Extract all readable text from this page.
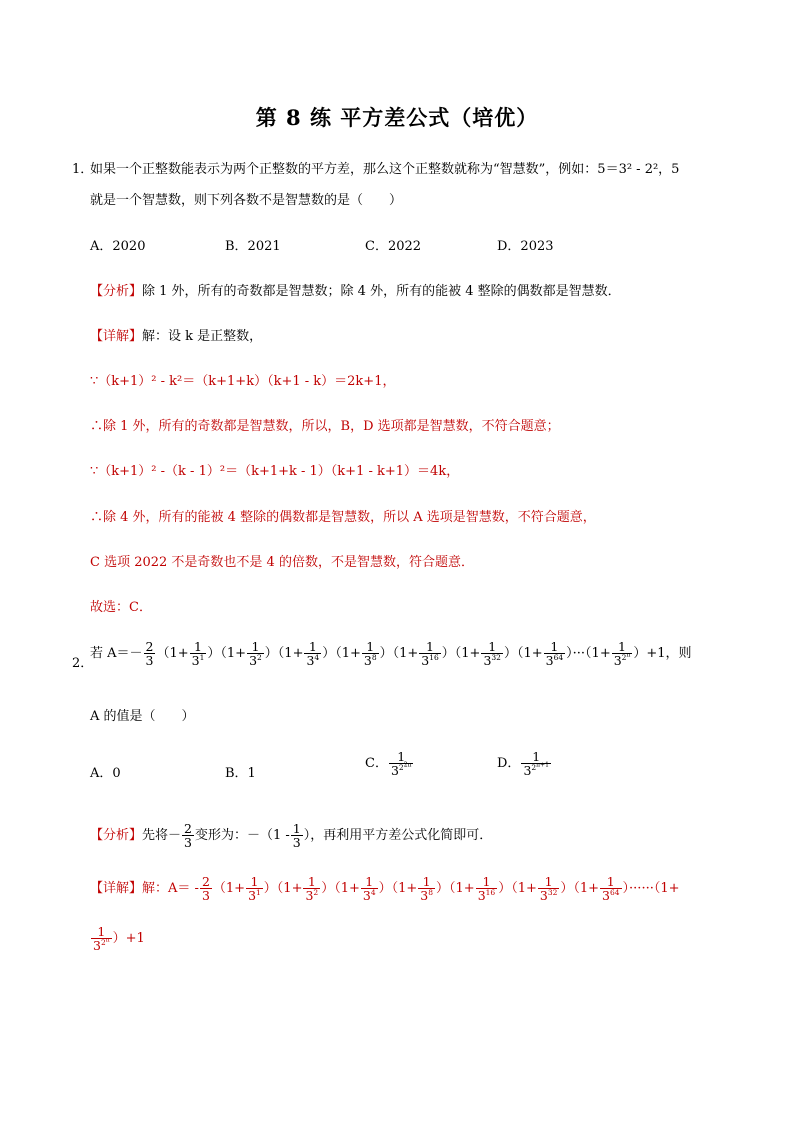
第 8 练 平方差公式（培优）
1．
如果一个正整数能表示为两个正整数的平方差，那么这个正整数就称为“智慧数”，例如：5＝3² - 2²，5
就是一个智慧数，则下列各数不是智慧数的是（　　）
A．2020	B．2021	C．2022	D．2023
【分析】除 1 外，所有的奇数都是智慧数；除 4 外，所有的能被 4 整除的偶数都是智慧数．
【详解】解：设 k 是正整数，
∵（k+1）² - k²＝（k+1+k）（k+1 - k）＝2k+1，
∴除 1 外，所有的奇数都是智慧数，所以，B，D 选项都是智慧数，不符合题意；
∵（k+1）² -（k - 1）²＝（k+1+k - 1）（k+1 - k+1）＝4k，
∴除 4 外，所有的能被 4 整除的偶数都是智慧数，所以 A 选项是智慧数，不符合题意，
C 选项 2022 不是奇数也不是 4 的倍数，不是智慧数，符合题意．
故选：C．
2．
若 $A=- \frac{2}{3} (1+ \frac{1}{3^1} )(1+ \frac{1}{3^2} )(1+ \frac{1}{3^4} )(1+ \frac{1}{3^8} )(1+ \frac{1}{3^{16}} )(1+ \frac{1}{3^{32}} )(1+ \frac{1}{3^{64}} )\cdot\cdot\cdot(1+ \frac{1}{3^{2^n}} )+1$，则
A 的值是（　　）
A．0	B．1
C． $\frac{1}{3^{2^{2n}}}$	D． $\frac{1}{3^{2^{n+1}}}$
【分析】先将－ $\frac{2}{3}$ 变形为：$-(1 - \frac{1}{3}$ ），再利用平方差公式化简即可．
【详解】解：$A= - \frac{2}{3} (1+ \frac{1}{3^1} )(1+ \frac{1}{3^2} )(1+ \frac{1}{3^4} )(1+ \frac{1}{3^8} )(1+ \frac{1}{3^{16}} )(1+ \frac{1}{3^{32}} )(1+ \frac{1}{3^{64}} )\cdot\cdot\cdot\cdot\cdot\cdot(1+$
$\frac{1}{3^{2^n}} )+1$
